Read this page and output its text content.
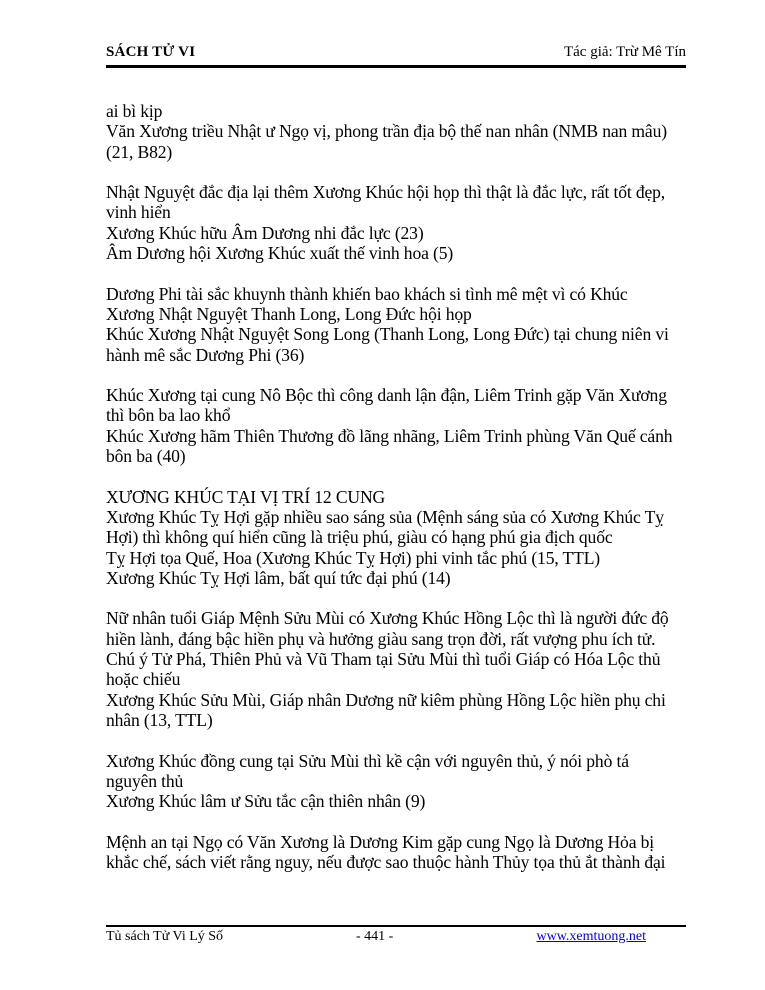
SÁCH TỬ VI	Tác giả: Trừ Mê Tín
ai bì kịp
Văn Xương triều Nhật ư Ngọ vị, phong trần địa bộ thế nan nhân (NMB nan mâu)
(21, B82)
Nhật Nguyệt đắc địa lại thêm Xương Khúc hội họp thì thật là đắc lực, rất tốt đẹp,
vinh hiển
Xương Khúc hữu Âm Dương nhi đắc lực (23)
Âm Dương hội Xương Khúc xuất thế vinh hoa (5)
Dương Phi tài sắc khuynh thành khiến bao khách si tình mê mệt vì có Khúc
Xương Nhật Nguyệt Thanh Long, Long Đức hội họp
Khúc Xương Nhật Nguyệt Song Long (Thanh Long, Long Đức) tại chung niên vi
hành mê sắc Dương Phi (36)
Khúc Xương tại cung Nô Bộc thì công danh lận đận, Liêm Trinh gặp Văn Xương
thì bôn ba lao khổ
Khúc Xương hãm Thiên Thương đồ lãng nhãng, Liêm Trinh phùng Văn Quế cánh
bôn ba (40)
XƯƠNG KHÚC TẠI VỊ TRÍ 12 CUNG
Xương Khúc Tỵ Hợi gặp nhiều sao sáng sủa (Mệnh sáng sủa có Xương Khúc Tỵ
Hợi) thì không quí hiển cũng là triệu phú, giàu có hạng phú gia địch quốc
Tỵ Hợi tọa Quế, Hoa (Xương Khúc Tỵ Hợi) phi vinh tắc phú (15, TTL)
Xương Khúc Tỵ Hợi lâm, bất quí tức đại phú (14)
Nữ nhân tuổi Giáp Mệnh Sửu Mùi có Xương Khúc Hồng Lộc thì là người đức độ
hiền lành, đáng bậc hiền phụ và hưởng giàu sang trọn đời, rất vượng phu ích tử.
Chú ý Tử Phá, Thiên Phủ và Vũ Tham tại Sửu Mùi thì tuổi Giáp có Hóa Lộc thủ
hoặc chiếu
Xương Khúc Sửu Mùi, Giáp nhân Dương nữ kiêm phùng Hồng Lộc hiền phụ chi
nhân (13, TTL)
Xương Khúc đồng cung tại Sửu Mùi thì kề cận với nguyên thủ, ý nói phò tá
nguyên thủ
Xương Khúc lâm ư Sửu tắc cận thiên nhân (9)
Mệnh an tại Ngọ có Văn Xương là Dương Kim gặp cung Ngọ là Dương Hỏa bị
khắc chế, sách viết rằng nguy, nếu được sao thuộc hành Thủy tọa thủ ắt thành đại
Tủ sách Tử Vi Lý Số	- 441 -	www.xemtuong.net
